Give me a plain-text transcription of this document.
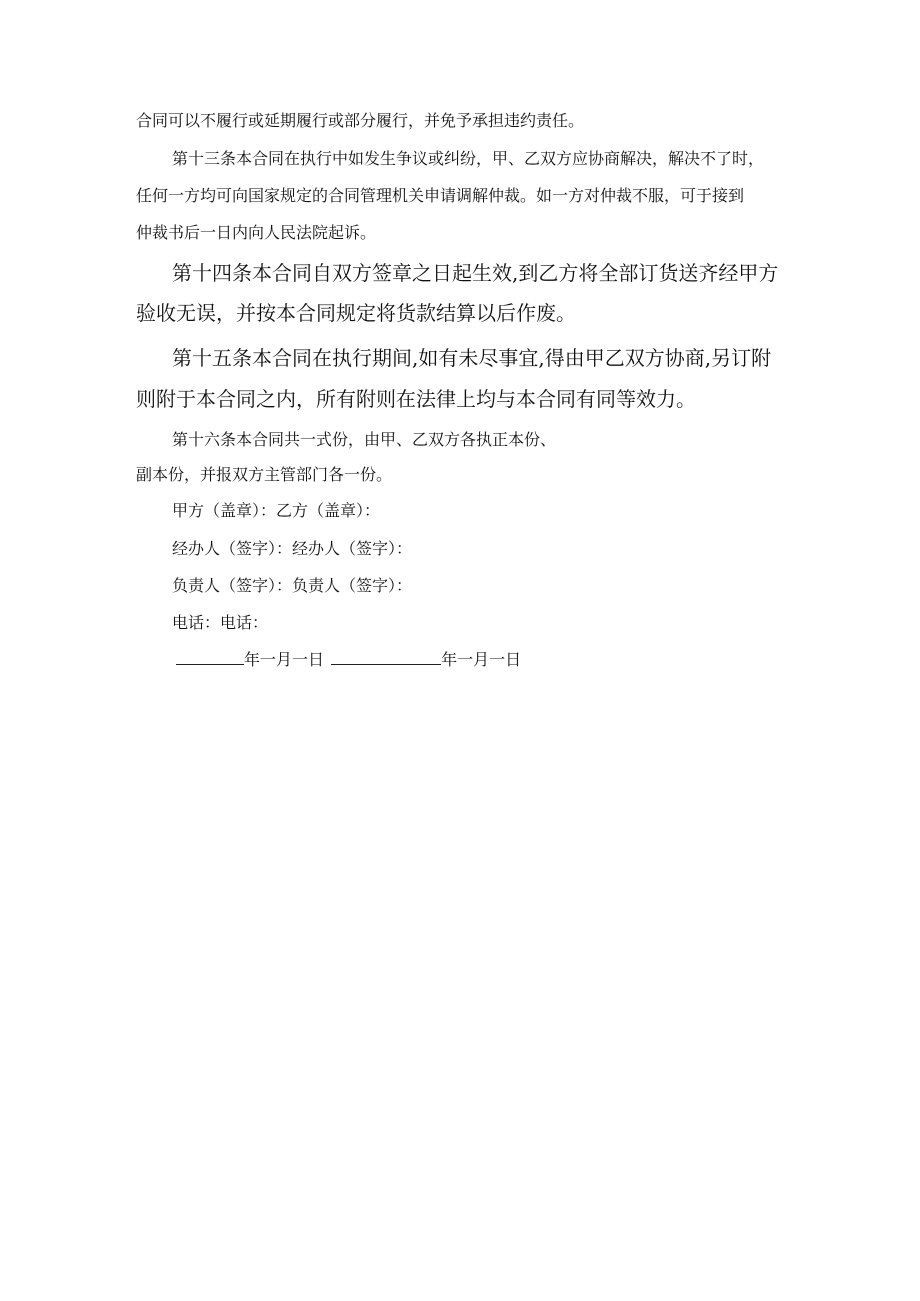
合同可以不履行或延期履行或部分履行，并免予承担违约责任。

第十三条本合同在执行中如发生争议或纠纷，甲、乙双方应协商解决，解决不了时，

任何一方均可向国家规定的合同管理机关申请调解仲裁。如一方对仲裁不服，可于接到

仲裁书后一日内向人民法院起诉。

第十四条本合同自双方签章之日起生效,到乙方将全部订货送齐经甲方

验收无误，并按本合同规定将货款结算以后作废。

第十五条本合同在执行期间,如有未尽事宜,得由甲乙双方协商,另订附

则附于本合同之内，所有附则在法律上均与本合同有同等效力。

第十六条本合同共一式份，由甲、乙双方各执正本份、

副本份，并报双方主管部门各一份。

甲方（盖章）：乙方（盖章）：

经办人（签字）：经办人（签字）：

负责人（签字）：负责人（签字）：

电话：电话：

年一月一日	年一月一日
